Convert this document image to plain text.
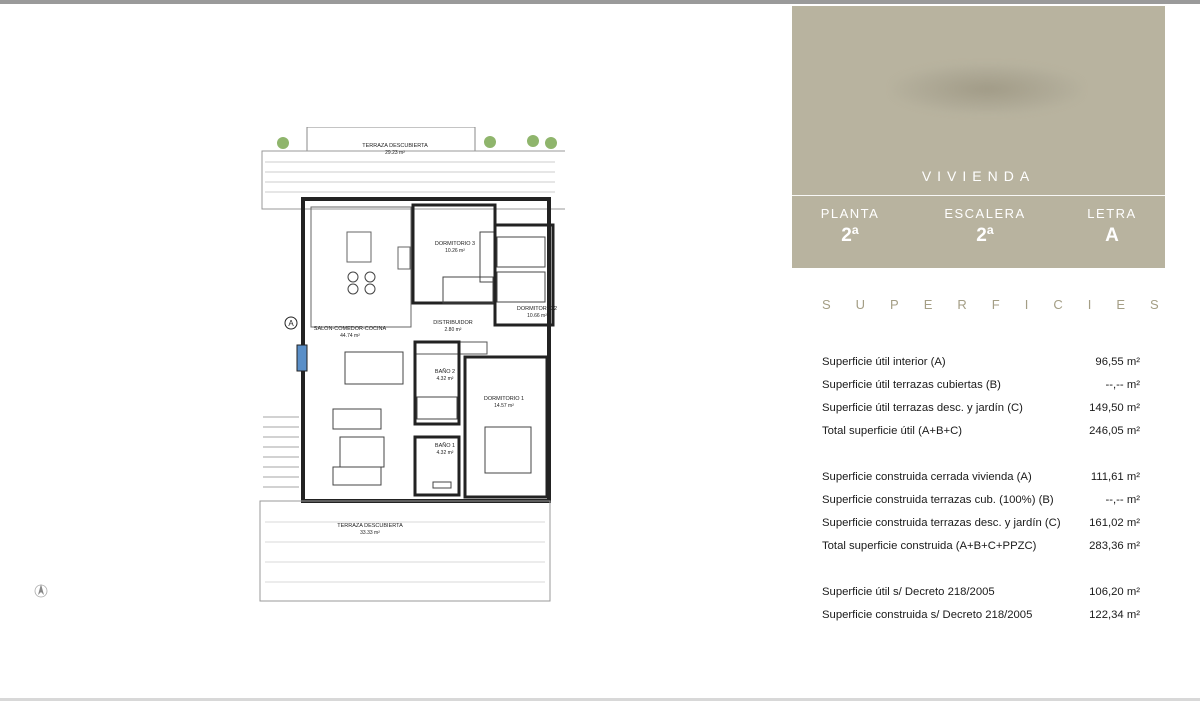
A
TERRAZA DESCUBIERTA
29.23 m²
DORMITORIO 3
10.26 m²
DORMITORIO 2
10.66 m²
SALON-COMEDOR-COCINA
44.74 m²
DISTRIBUIDOR
2.80 m²
BAÑO 2
4.32 m²
DORMITORIO 1
14.57 m²
BAÑO 1
4.32 m²
TERRAZA DESCUBIERTA
33.33 m²
VIVIENDA
PLANTA
2ª
ESCALERA
2ª
LETRA
A
SUPERFICIES
Superficie útil interior (A)	96,55 m²
Superficie útil terrazas cubiertas (B)	--,-- m²
Superficie útil terrazas desc. y jardín (C)	149,50 m²
Total superficie útil (A+B+C)	246,05 m²
Superficie construida cerrada vivienda (A)	111,61 m²
Superficie construida terrazas cub. (100%) (B)	--,-- m²
Superficie construida terrazas desc. y jardín (C)	161,02 m²
Total superficie construida (A+B+C+PPZC)	283,36 m²
Superficie útil s/ Decreto 218/2005	106,20 m²
Superficie construida s/ Decreto 218/2005	122,34 m²
